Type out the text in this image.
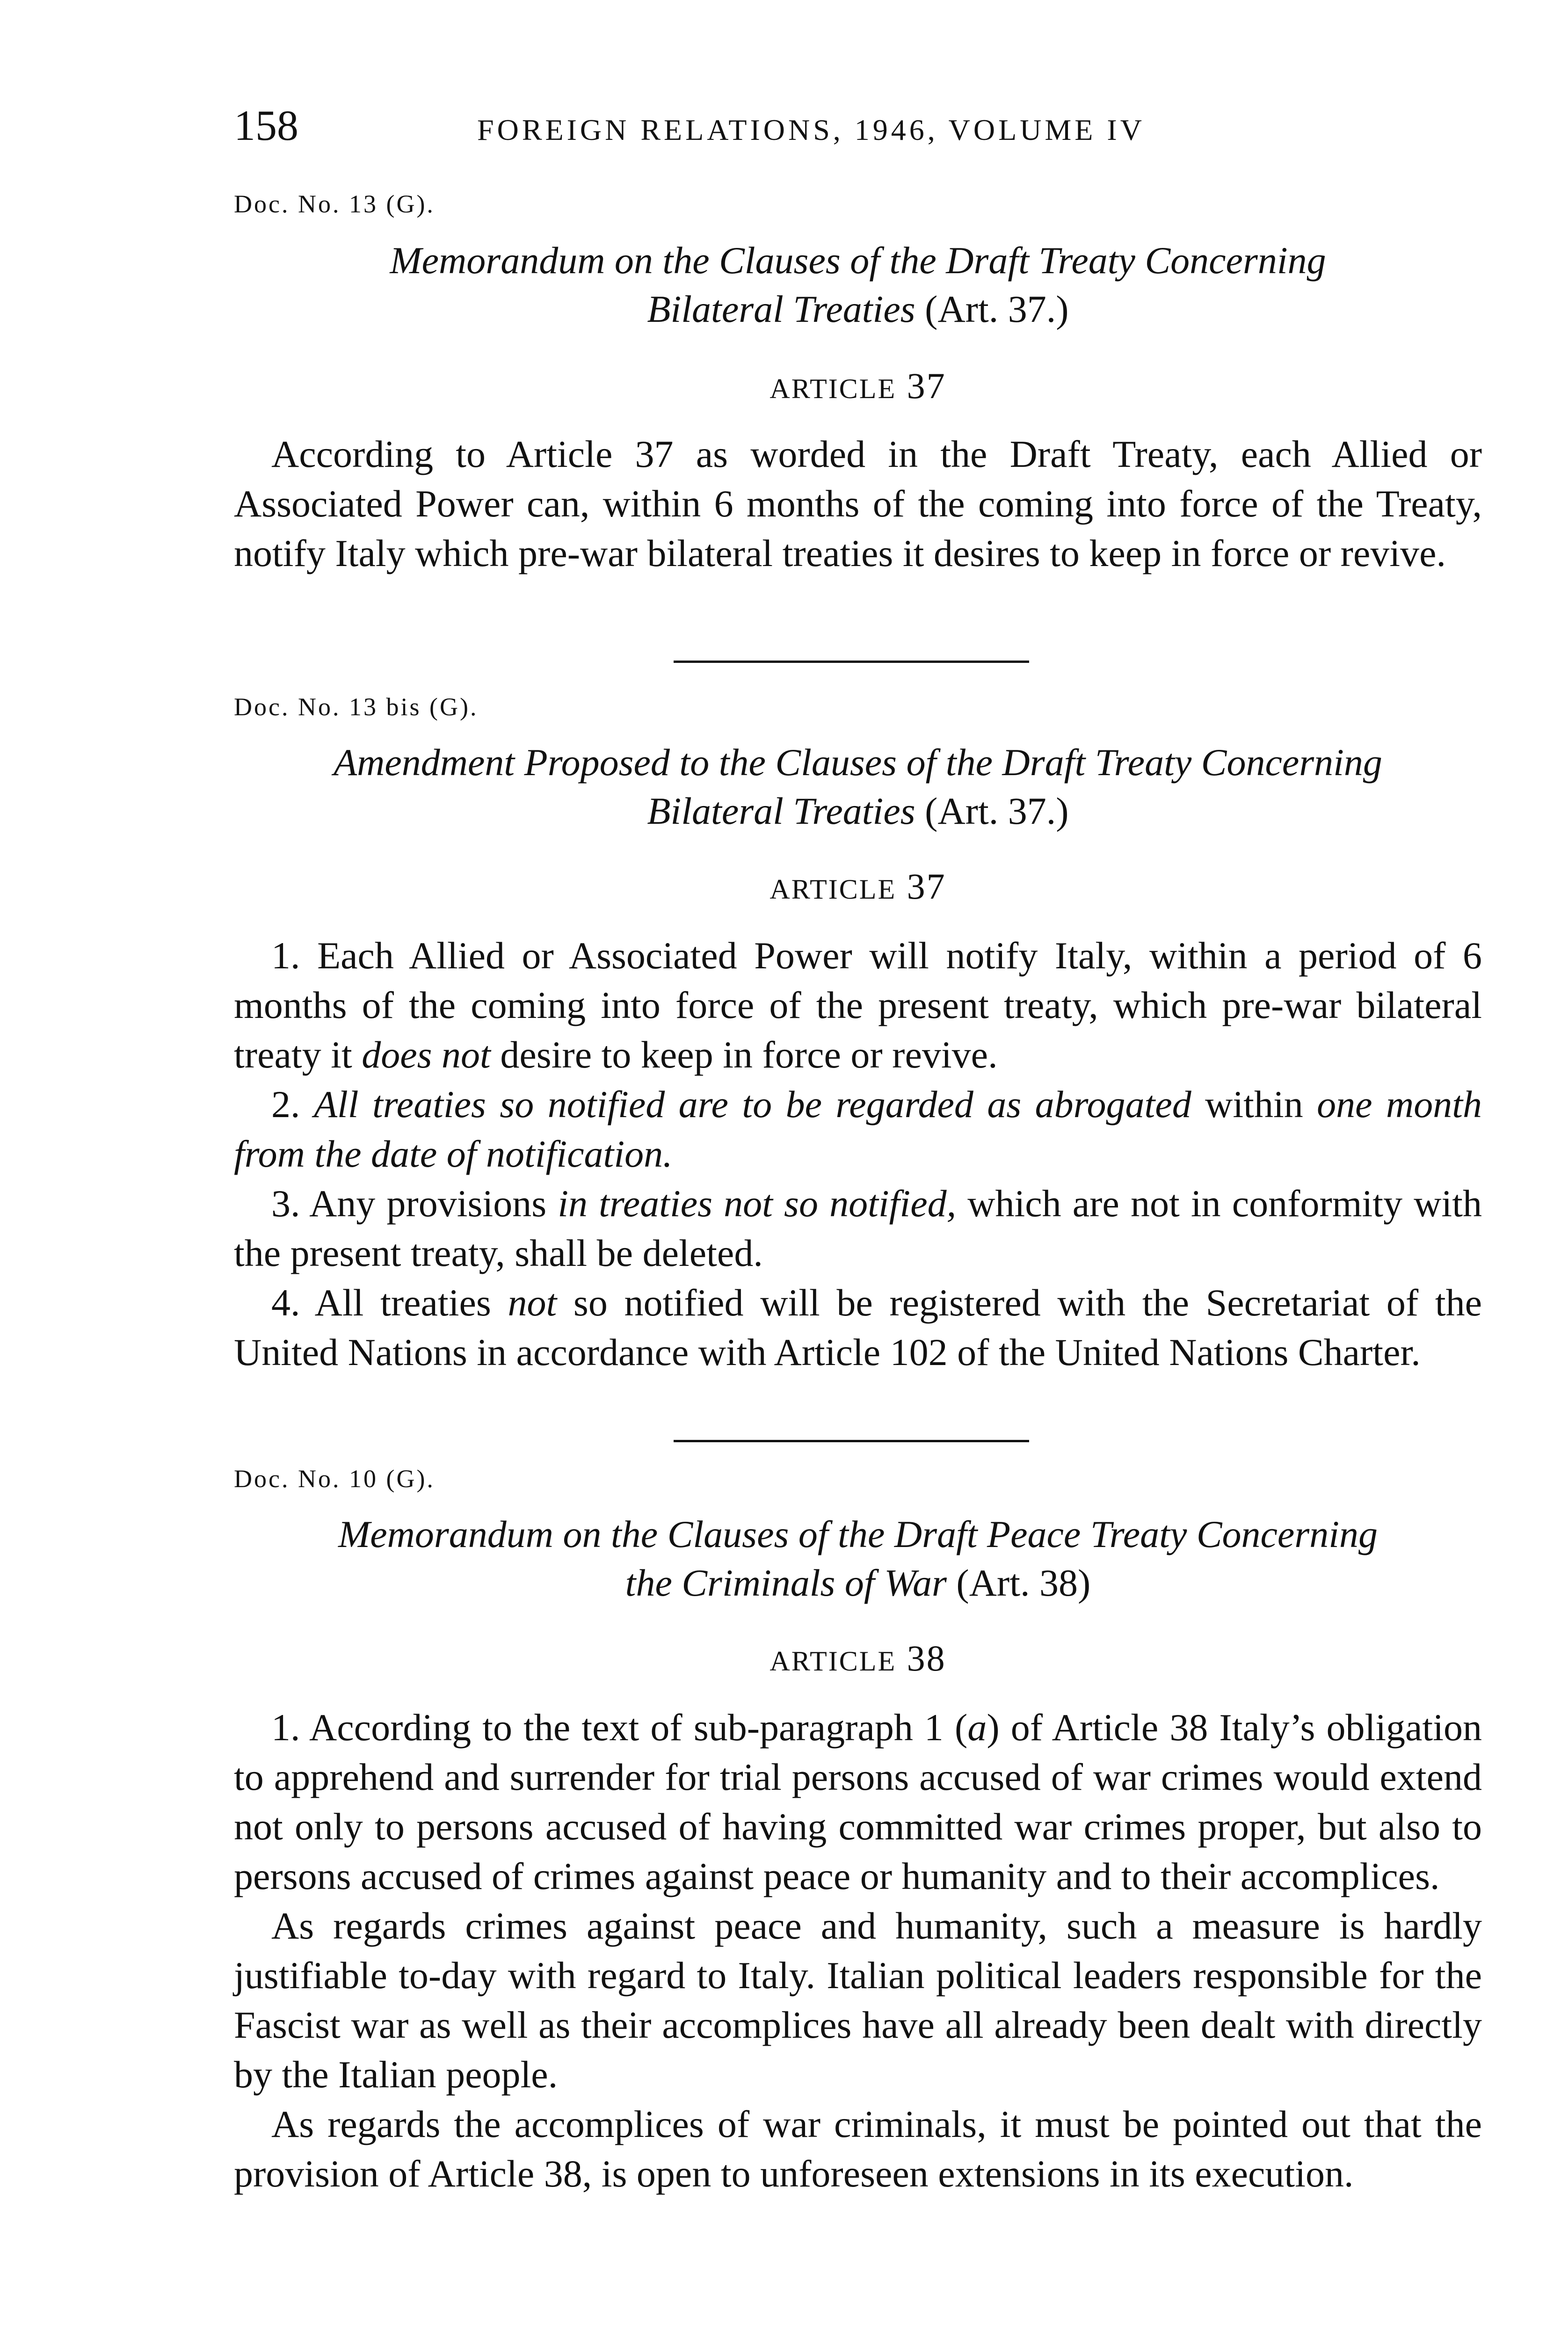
158	FOREIGN RELATIONS, 1946, VOLUME IV
Doc. No. 13 (G).
Memorandum on the Clauses of the Draft Treaty Concerning
Bilateral Treaties (Art. 37.)
ARTICLE 37

According to Article 37 as worded in the Draft Treaty, each Allied or Associated Power can, within 6 months of the coming into force of the Treaty, notify Italy which pre-war bilateral treaties it desires to keep in force or revive.

Doc. No. 13 bis (G).
Amendment Proposed to the Clauses of the Draft Treaty Concerning
Bilateral Treaties (Art. 37.)
ARTICLE 37

1. Each Allied or Associated Power will notify Italy, within a period of 6 months of the coming into force of the present treaty, which pre-war bilateral treaty it does not desire to keep in force or revive.

2. All treaties so notified are to be regarded as abrogated within one month from the date of notification.

3. Any provisions in treaties not so notified, which are not in conformity with the present treaty, shall be deleted.

4. All treaties not so notified will be registered with the Secretariat of the United Nations in accordance with Article 102 of the United Nations Charter.

Doc. No. 10 (G).
Memorandum on the Clauses of the Draft Peace Treaty Concerning
the Criminals of War (Art. 38)
ARTICLE 38

1. According to the text of sub-paragraph 1 (a) of Article 38 Italy’s obligation to apprehend and surrender for trial persons accused of war crimes would extend not only to persons accused of having committed war crimes proper, but also to persons accused of crimes against peace or humanity and to their accomplices.

As regards crimes against peace and humanity, such a measure is hardly justifiable to-day with regard to Italy. Italian political leaders responsible for the Fascist war as well as their accomplices have all already been dealt with directly by the Italian people.

As regards the accomplices of war criminals, it must be pointed out that the provision of Article 38, is open to unforeseen extensions in its execution.
